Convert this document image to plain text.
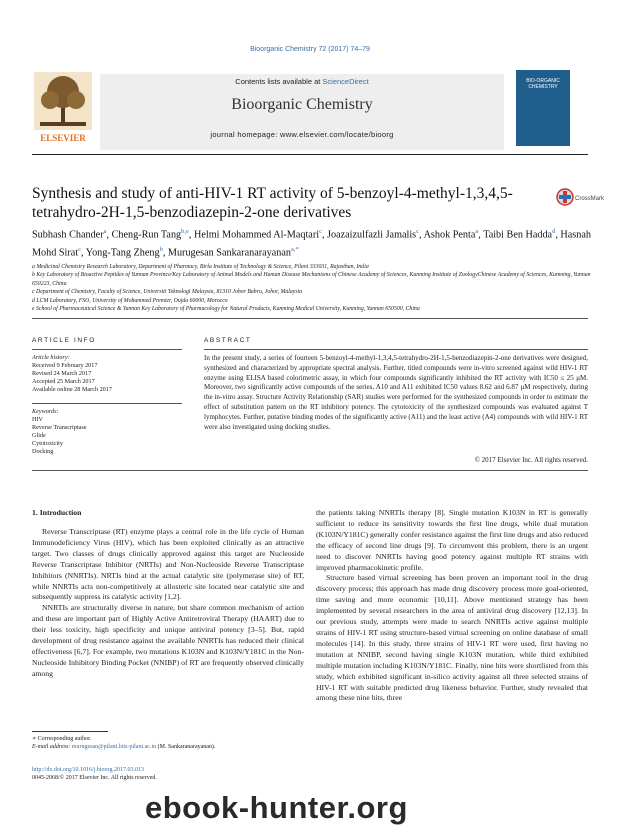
Bioorganic Chemistry 72 (2017) 74–79
ELSEVIER
Contents lists available at ScienceDirect
Bioorganic Chemistry
journal homepage: www.elsevier.com/locate/bioorg
BIO-ORGANIC CHEMISTRY
Synthesis and study of anti-HIV-1 RT activity of 5-benzoyl-4-methyl-1,3,4,5-tetrahydro-2H-1,5-benzodiazepin-2-one derivatives
CrossMark
Subhash Chander$^a$, Cheng-Run Tang$^{b,e}$, Helmi Mohammed Al-Maqtari$^c$, Joazaizulfazli Jamalis$^c$, Ashok Penta$^a$, Taibi Ben Hadda$^d$, Hasnah Mohd Sirat$^c$, Yong-Tang Zheng$^b$, Murugesan Sankaranarayanan$^{a,*}$

a Medicinal Chemistry Research Laboratory, Department of Pharmacy, Birla Institute of Technology & Science, Pilani 333031, Rajasthan, India

b Key Laboratory of Bioactive Peptides of Yunnan Province/Key Laboratory of Animal Models and Human Disease Mechanisms of Chinese Academy of Sciences, Kunming Institute of ZoologyChinese Academy of Sciences, Kunming, Yunnan 650223, China

c Department of Chemistry, Faculty of Science, Universiti Teknologi Malaysia, 81310 Johor Bahru, Johor, Malaysia

d LCM Laboratory, FSO, University of Mohammed Premier, Oujda 60000, Morocco

e School of Pharmaceutical Science & Yunnan Key Laboratory of Pharmacology for Natural Products, Kunming Medical University, Kunming, Yunnan 650500, China

ARTICLE INFO	ABSTRACT
Article history:
Received 9 February 2017
Revised 24 March 2017
Accepted 25 March 2017
Available online 28 March 2017
Keywords:
HIV
Reverse Transcriptase
Glide
Cytotoxicity
Docking
In the present study, a series of fourteen 5-benzoyl-4-methyl-1,3,4,5-tetrahydro-2H-1,5-benzodiazepin-2-one derivatives were designed, synthesized and characterized by appropriate spectral analysis. Further, titled compounds were in-vitro screened against wild HIV-1 RT enzyme using ELISA based colorimetric assay, in which four compounds significantly inhibited the RT activity with IC50 ≤ 25 μM. Moreover, two significantly active compounds of the series, A10 and A11 exhibited IC50 values 8.62 and 6.87 μM respectively, during the in-vitro assay. Structure Activity Relationship (SAR) studies were performed for the synthesized compounds in order to estimate the effect of substitution pattern on the RT inhibitory potency. The cytotoxicity of the synthesized compounds was evaluated against T lymphocytes. Further, putative binding modes of the significantly active (A11) and the least active (A4) compounds with wild HIV-1 RT were also investigated using docking studies.
© 2017 Elsevier Inc. All rights reserved.
1. Introduction

Reverse Transcriptase (RT) enzyme plays a central role in the life cycle of Human Immunodeficiency Virus (HIV), which has been exploited clinically as an attractive target. Two classes of drugs clinically approved against this target are Nucleoside Reverse Transcriptase Inhibitor (NRTIs) and Non-Nucleoside Reverse Transcriptase Inhibitors (NNRTIs). NRTIs bind at the actual catalytic site (polymerase site) of RT, while NNRTIs acts non-competitively at allosteric site located near catalytic site and subsequently suppress its catalytic activity [1,2].

NNRTIs are structurally diverse in nature, but share common mechanism of action and these are important part of Highly Active Antiretroviral Therapy (HAART) due to their less toxicity, high specificity and unique antiviral potency [3–5]. But, rapid development of drug resistance against the available NNRTIs has reduced their clinical effectiveness [6,7]. For example, two mutations K103N and K103N/Y181C in the Non-Nucleoside Inhibitory Binding Pocket (NNIBP) of RT are frequently observed clinically among

the patients taking NNRTIs therapy [8]. Single mutation K103N in RT is generally sufficient to reduce its sensitivity towards the first line drugs, while dual mutation (K103N/Y181C) generally confer resistance against the first line drugs and also reduced the efficacy of second line drugs [9]. To circumvent this problem, there is an urgent need to discover NNRTIs having good potency against multiple RT strains with improved pharmacokinetic profile.

Structure based virtual screening has been proven an important tool in the drug discovery process; this approach has made drug discovery process more goal-oriented, time saving and more economic [10,11]. Above mentioned strategy has been implemented by several researchers in the area of antiviral drug discovery [12,13]. In our previous study, attempts were made to search NNRTIs active against multiple strains of HIV-1 RT using structure-based virtual screening on online database of small molecules [14]. In this study, three strains of HIV-1 RT were used, first having no mutation at NNIBP, second having single K103N mutation, while third exhibited multiple mutation including K103N/Y181C. Finally, nine hits were shortlisted from this study, which exhibited significant in-silico activity against all three selected strains of HIV-1 RT with suitable predicted drug likeness behavior. Further, study revealed that among these nine hits, three

∗ Corresponding author.
E-mail address: murugesan@pilani.bits-pilani.ac.in (M. Sankaranarayanan).
http://dx.doi.org/10.1016/j.bioorg.2017.03.013
0045-2068/© 2017 Elsevier Inc. All rights reserved.
ebook-hunter.org
